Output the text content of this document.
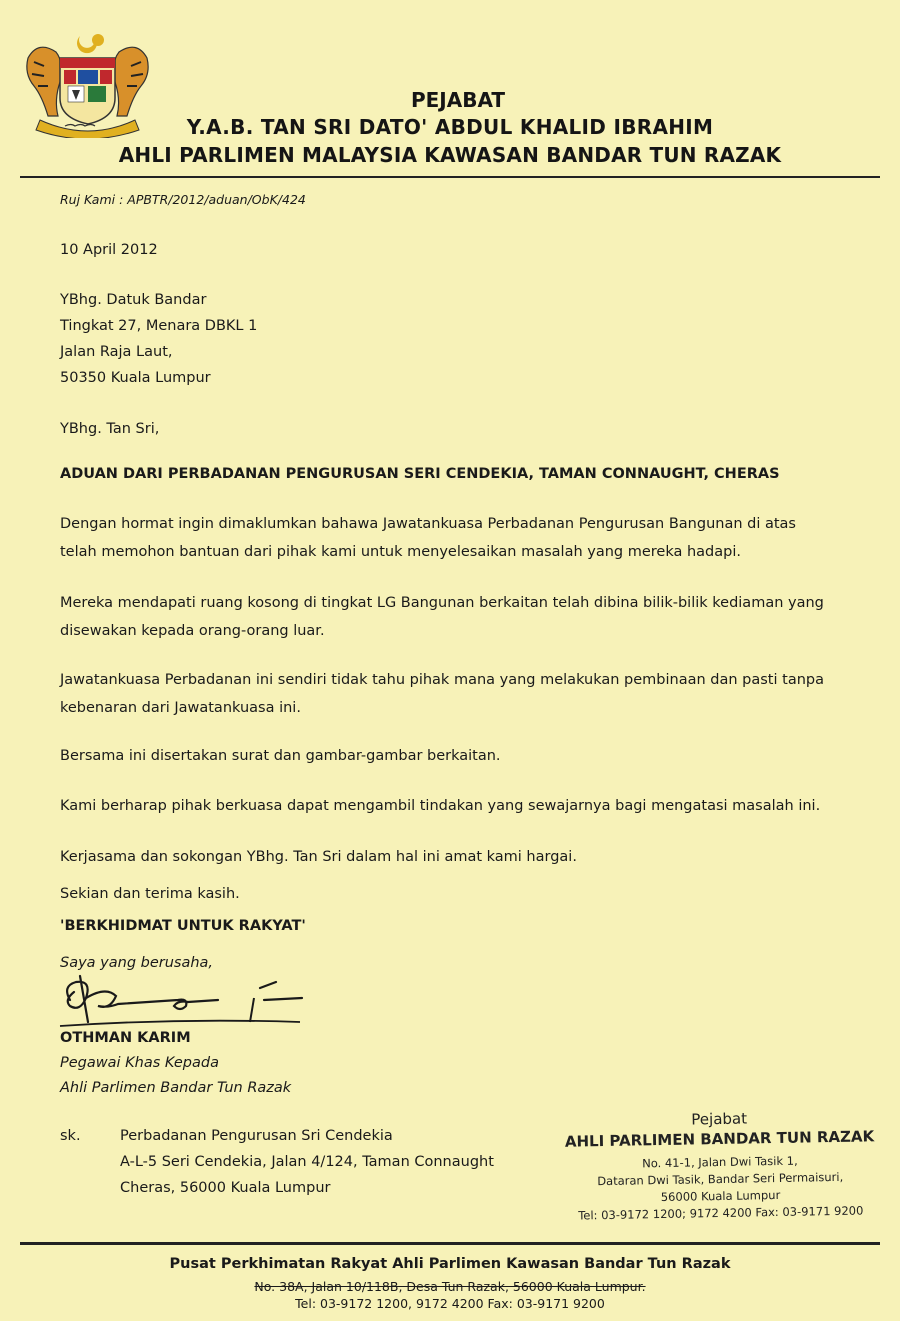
PEJABAT
Y.A.B. TAN SRI DATO' ABDUL KHALID IBRAHIM
AHLI PARLIMEN MALAYSIA KAWASAN BANDAR TUN RAZAK
Ruj Kami : APBTR/2012/aduan/ObK/424
10 April 2012
YBhg. Datuk Bandar
Tingkat 27, Menara DBKL 1
Jalan Raja Laut,
50350 Kuala Lumpur
YBhg. Tan Sri,
ADUAN DARI PERBADANAN PENGURUSAN SERI CENDEKIA, TAMAN CONNAUGHT, CHERAS
Dengan hormat ingin dimaklumkan bahawa Jawatankuasa Perbadanan Pengurusan Bangunan di atas
telah memohon bantuan dari pihak kami untuk menyelesaikan masalah yang mereka hadapi.
Mereka mendapati ruang kosong di tingkat LG Bangunan berkaitan telah dibina bilik-bilik kediaman yang
disewakan kepada orang-orang luar.
Jawatankuasa Perbadanan ini sendiri tidak tahu pihak mana yang melakukan pembinaan dan pasti tanpa
kebenaran dari Jawatankuasa ini.
Bersama ini disertakan surat dan gambar-gambar berkaitan.
Kami berharap pihak berkuasa dapat mengambil tindakan yang sewajarnya bagi mengatasi masalah ini.
Kerjasama dan sokongan YBhg. Tan Sri dalam hal ini amat kami hargai.
Sekian dan terima kasih.
'BERKHIDMAT UNTUK RAKYAT'
Saya yang berusaha,
OTHMAN KARIM
Pegawai Khas Kepada
Ahli Parlimen Bandar Tun Razak
sk.	Perbadanan Pengurusan Sri Cendekia
A-L-5 Seri Cendekia, Jalan 4/124, Taman Connaught
Cheras, 56000 Kuala Lumpur
Pejabat
AHLI PARLIMEN BANDAR TUN RAZAK
No. 41-1, Jalan Dwi Tasik 1,
Dataran Dwi Tasik, Bandar Seri Permaisuri,
56000 Kuala Lumpur
Tel: 03-9172 1200; 9172 4200 Fax: 03-9171 9200
Pusat Perkhimatan Rakyat Ahli Parlimen Kawasan Bandar Tun Razak
No. 38A, Jalan 10/118B, Desa Tun Razak, 56000 Kuala Lumpur.
Tel: 03-9172 1200, 9172 4200 Fax: 03-9171 9200
